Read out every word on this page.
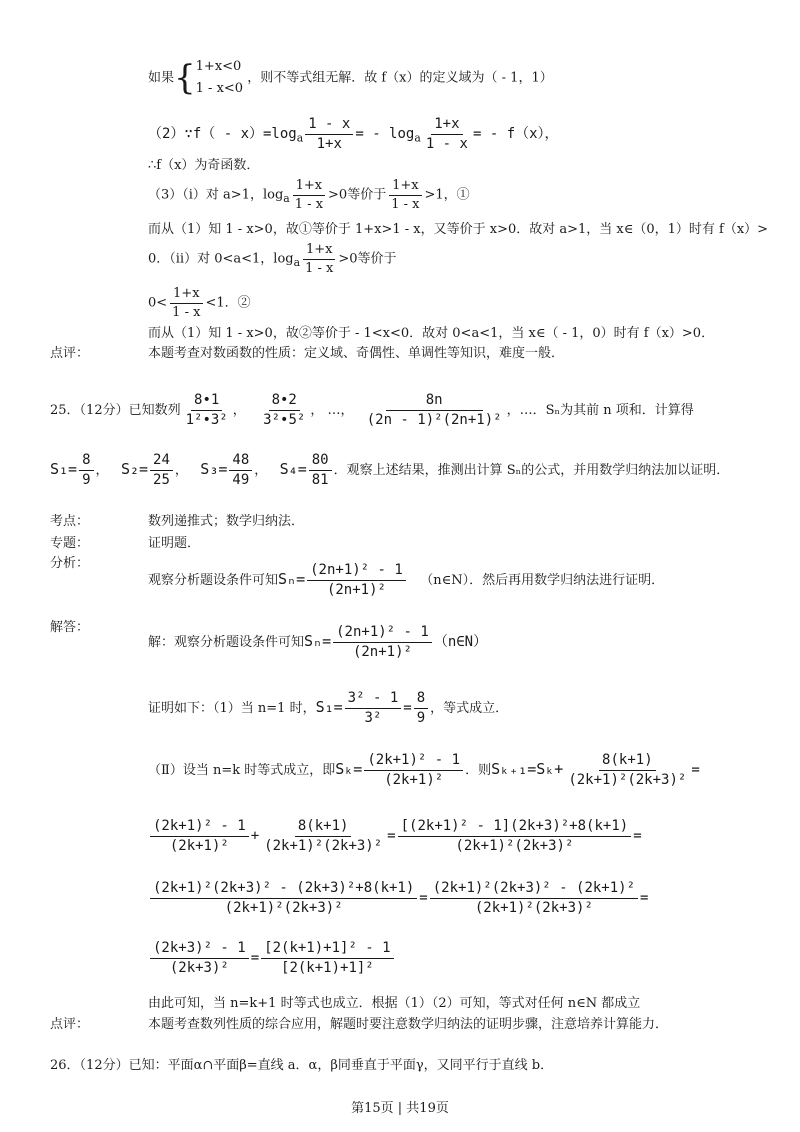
如果{ 1+x<0
1 - x<0
，则不等式组无解．故 f（x）的定义域为（ - 1，1）
（2）∵f（ - $x)=\log_a \frac{1 - x}{1+x}$ = - $\log_a \frac{1+x}{1 - x}$ = - f（x），
∴f（x）为奇函数．
（3）（ⅰ）对 a>1，$\log_a \frac{1+x}{1 - x} >0$等价于 $\frac{1+x}{1 - x} >1$，①
而从（1）知 1 - x>0，故①等价于 1+x>1 - x，又等价于 x>0．故对 a>1，当 x∈（0，1）时有 f（x）>
0．（ⅱ）对 0<a<1，$\log_a \frac{1+x}{1 - x} >0$等价于
$0< \frac{1+x}{1 - x} <1$．②
而从（1）知 1 - x>0，故②等价于 - 1<x<0．故对 0<a<1，当 x∈（ - 1，0）时有 f（x）>0．
点评：	本题考查对数函数的性质：定义域、奇偶性、单调性等知识，难度一般．
25．（12分）已知数列 $\frac{8•1}{\text{1²•3²}}$ ， $\frac{8•2}{\text{3²•5²}}$ ， …， $\frac{8n}{\text{(2n - 1)²(2n+1)²}}$ ，…．Sₙ为其前 n 项和．计算得
$S_1= \frac{8}{9}$ ，   $S_2= \frac{24}{25}$ ，   $S_3= \frac{48}{49}$ ，   $S_4= \frac{80}{81}$ ．观察上述结果，推测出计算 Sₙ的公式，并用数学归纳法加以证明．
考点：	数列递推式；数学归纳法．
专题：	证明题．
分析：
观察分析题设条件可知$S_n= \frac{\text{(2n+1)² - 1}}{\text{(2n+1)²}}$ （n∈N）．然后再用数学归纳法进行证明．
解答：
解：观察分析题设条件可知$S_n= \frac{\text{(2n+1)² - 1}}{\text{(2n+1)²}}$ （n∈N）
证明如下：（1）当 n=1 时，$S_1= \frac{\text{3² - 1}}{\text{3²}} = \frac{8}{9}$ ，等式成立．
（Ⅱ）设当 n=k 时等式成立，即$S_k= \frac{\text{(2k+1)² - 1}}{\text{(2k+1)²}}$ ．则$S_{k+1}=S_k+ \frac{8(k+1)}{\text{(2k+1)²(2k+3)²}}$ =
$\frac{\text{(2k+1)² - 1}}{\text{(2k+1)²}} + \frac{8(k+1)}{\text{(2k+1)²(2k+3)²}} = \frac{\text{[(2k+1)² - 1](2k+3)²+8(k+1)}}{\text{(2k+1)²(2k+3)²}}$ =
$\frac{\text{(2k+1)²(2k+3)² - (2k+3)²+8(k+1)}}{\text{(2k+1)²(2k+3)²}} = \frac{\text{(2k+1)²(2k+3)² - (2k+1)²}}{\text{(2k+1)²(2k+3)²}}$ =
$\frac{\text{(2k+3)² - 1}}{\text{(2k+3)²}} = \frac{\text{[2(k+1)+1]² - 1}}{\text{[2(k+1)+1]²}}$
由此可知，当 n=k+1 时等式也成立．根据（1）（2）可知，等式对任何 n∈N 都成立
点评：	本题考查数列性质的综合应用，解题时要注意数学归纳法的证明步骤，注意培养计算能力．
26．（12分）已知：平面α∩平面β=直线 a．α，β同垂直于平面γ，又同平行于直线 b．
第15页 | 共19页
